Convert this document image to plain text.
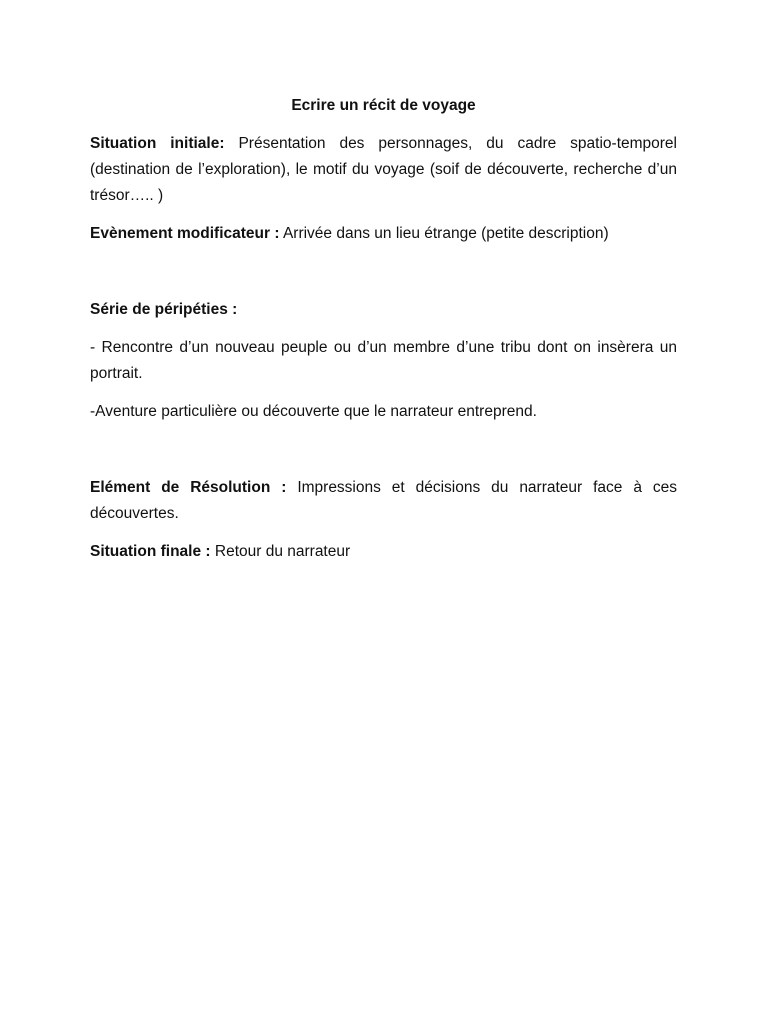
Ecrire un récit de voyage

Situation initiale: Présentation des personnages, du cadre spatio-temporel (destination de l’exploration), le motif du voyage (soif de découverte, recherche d’un trésor….. )

Evènement modificateur : Arrivée dans un lieu étrange (petite description)

Série de péripéties :

- Rencontre d’un nouveau peuple ou d’un membre d’une tribu dont on insèrera un portrait.

-Aventure particulière ou découverte que le narrateur entreprend.

Elément de Résolution : Impressions et décisions du narrateur face à ces découvertes.

Situation finale : Retour du narrateur
